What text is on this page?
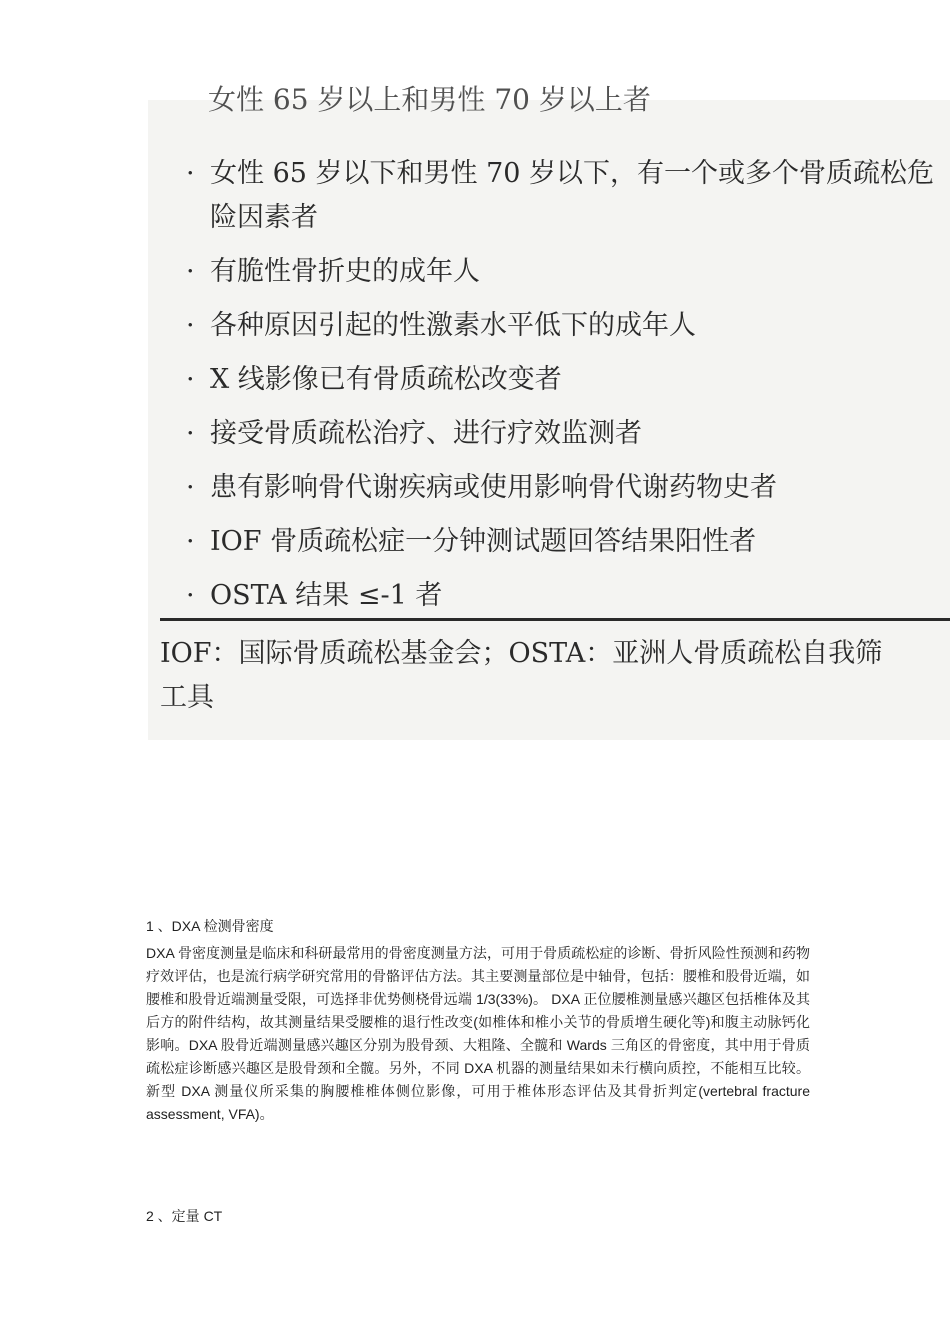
女性 65 岁以上和男性 70 岁以上者
· 女性 65 岁以下和男性 70 岁以下，有一个或多个骨质疏松危
险因素者
· 有脆性骨折史的成年人
· 各种原因引起的性激素水平低下的成年人
· X 线影像已有骨质疏松改变者
· 接受骨质疏松治疗、进行疗效监测者
· 患有影响骨代谢疾病或使用影响骨代谢药物史者
· IOF 骨质疏松症一分钟测试题回答结果阳性者
· OSTA 结果 ≤-1 者
IOF：国际骨质疏松基金会；OSTA：亚洲人骨质疏松自我筛
工具

1 、DXA 检测骨密度

DXA 骨密度测量是临床和科研最常用的骨密度测量方法，可用于骨质疏松症的诊断、骨折风险性预测和药物疗效评估，也是流行病学研究常用的骨骼评估方法。其主要测量部位是中轴骨，包括：腰椎和股骨近端，如腰椎和股骨近端测量受限，可选择非优势侧桡骨远端 1/3(33%)。 DXA 正位腰椎测量感兴趣区包括椎体及其后方的附件结构，故其测量结果受腰椎的退行性改变(如椎体和椎小关节的骨质增生硬化等)和腹主动脉钙化影响。DXA 股骨近端测量感兴趣区分别为股骨颈、大粗隆、全髋和 Wards 三角区的骨密度，其中用于骨质疏松症诊断感兴趣区是股骨颈和全髋。另外，不同 DXA 机器的测量结果如未行横向质控，不能相互比较。新型 DXA 测量仪所采集的胸腰椎椎体侧位影像，可用于椎体形态评估及其骨折判定(vertebral fracture assessment, VFA)。

2 、定量 CT
